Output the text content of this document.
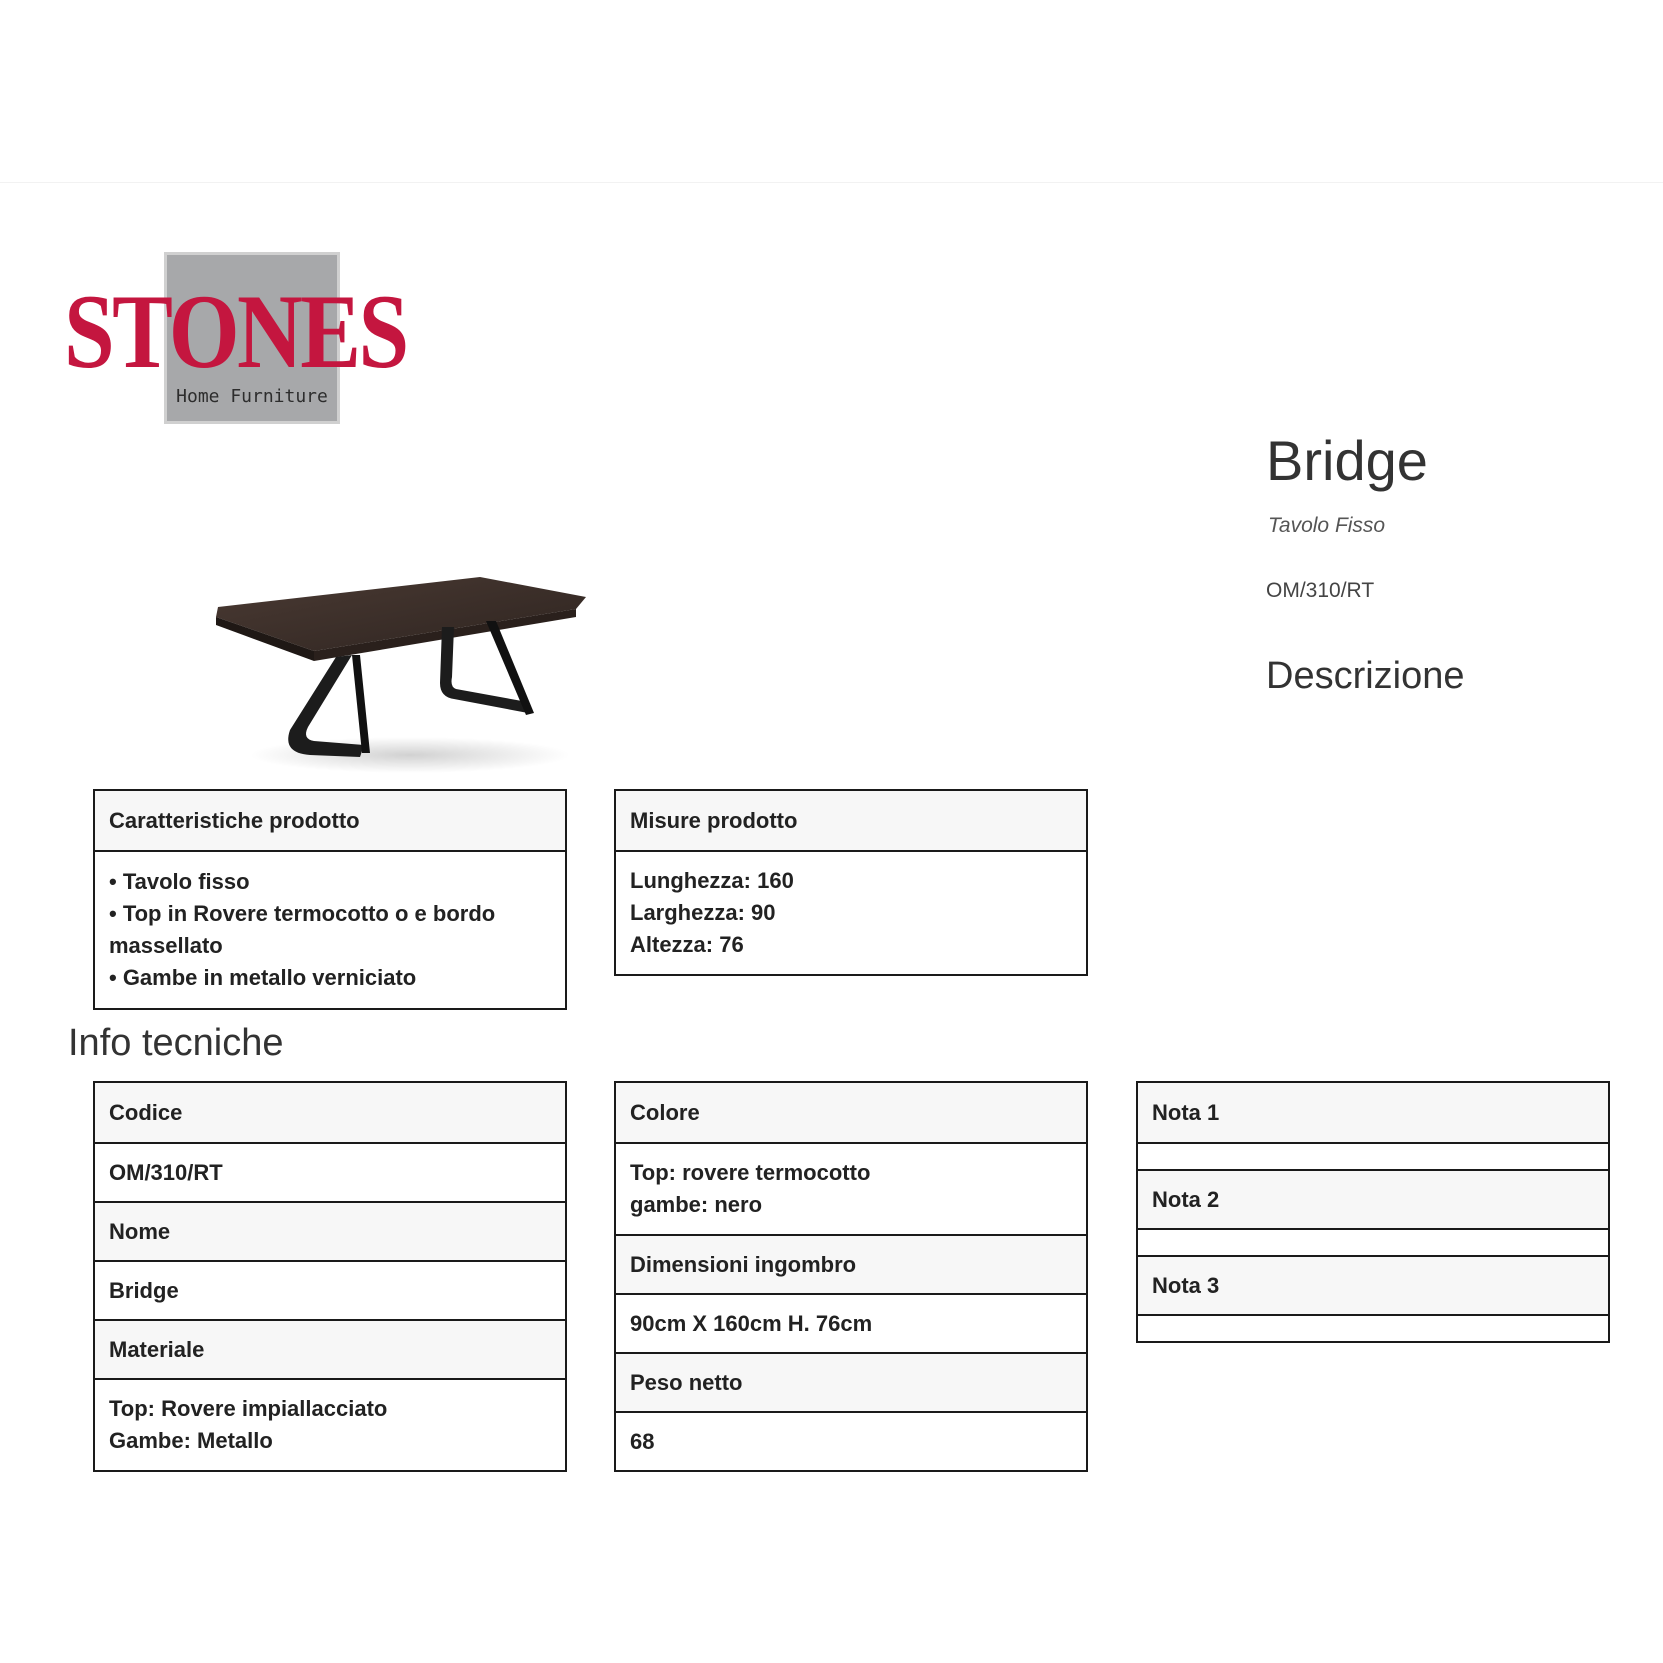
STONES
Home Furniture
Bridge
Tavolo Fisso
OM/310/RT
Descrizione
Caratteristiche prodotto
• Tavolo fisso
• Top in Rovere termocotto o e bordo massellato
• Gambe in metallo verniciato
Misure prodotto
Lunghezza: 160
Larghezza: 90
Altezza: 76
Info tecniche
Codice
OM/310/RT
Nome
Bridge
Materiale
Top: Rovere impiallacciato
Gambe: Metallo
Colore
Top: rovere termocotto
gambe: nero
Dimensioni ingombro
90cm X 160cm H. 76cm
Peso netto
68
Nota 1
Nota 2
Nota 3
